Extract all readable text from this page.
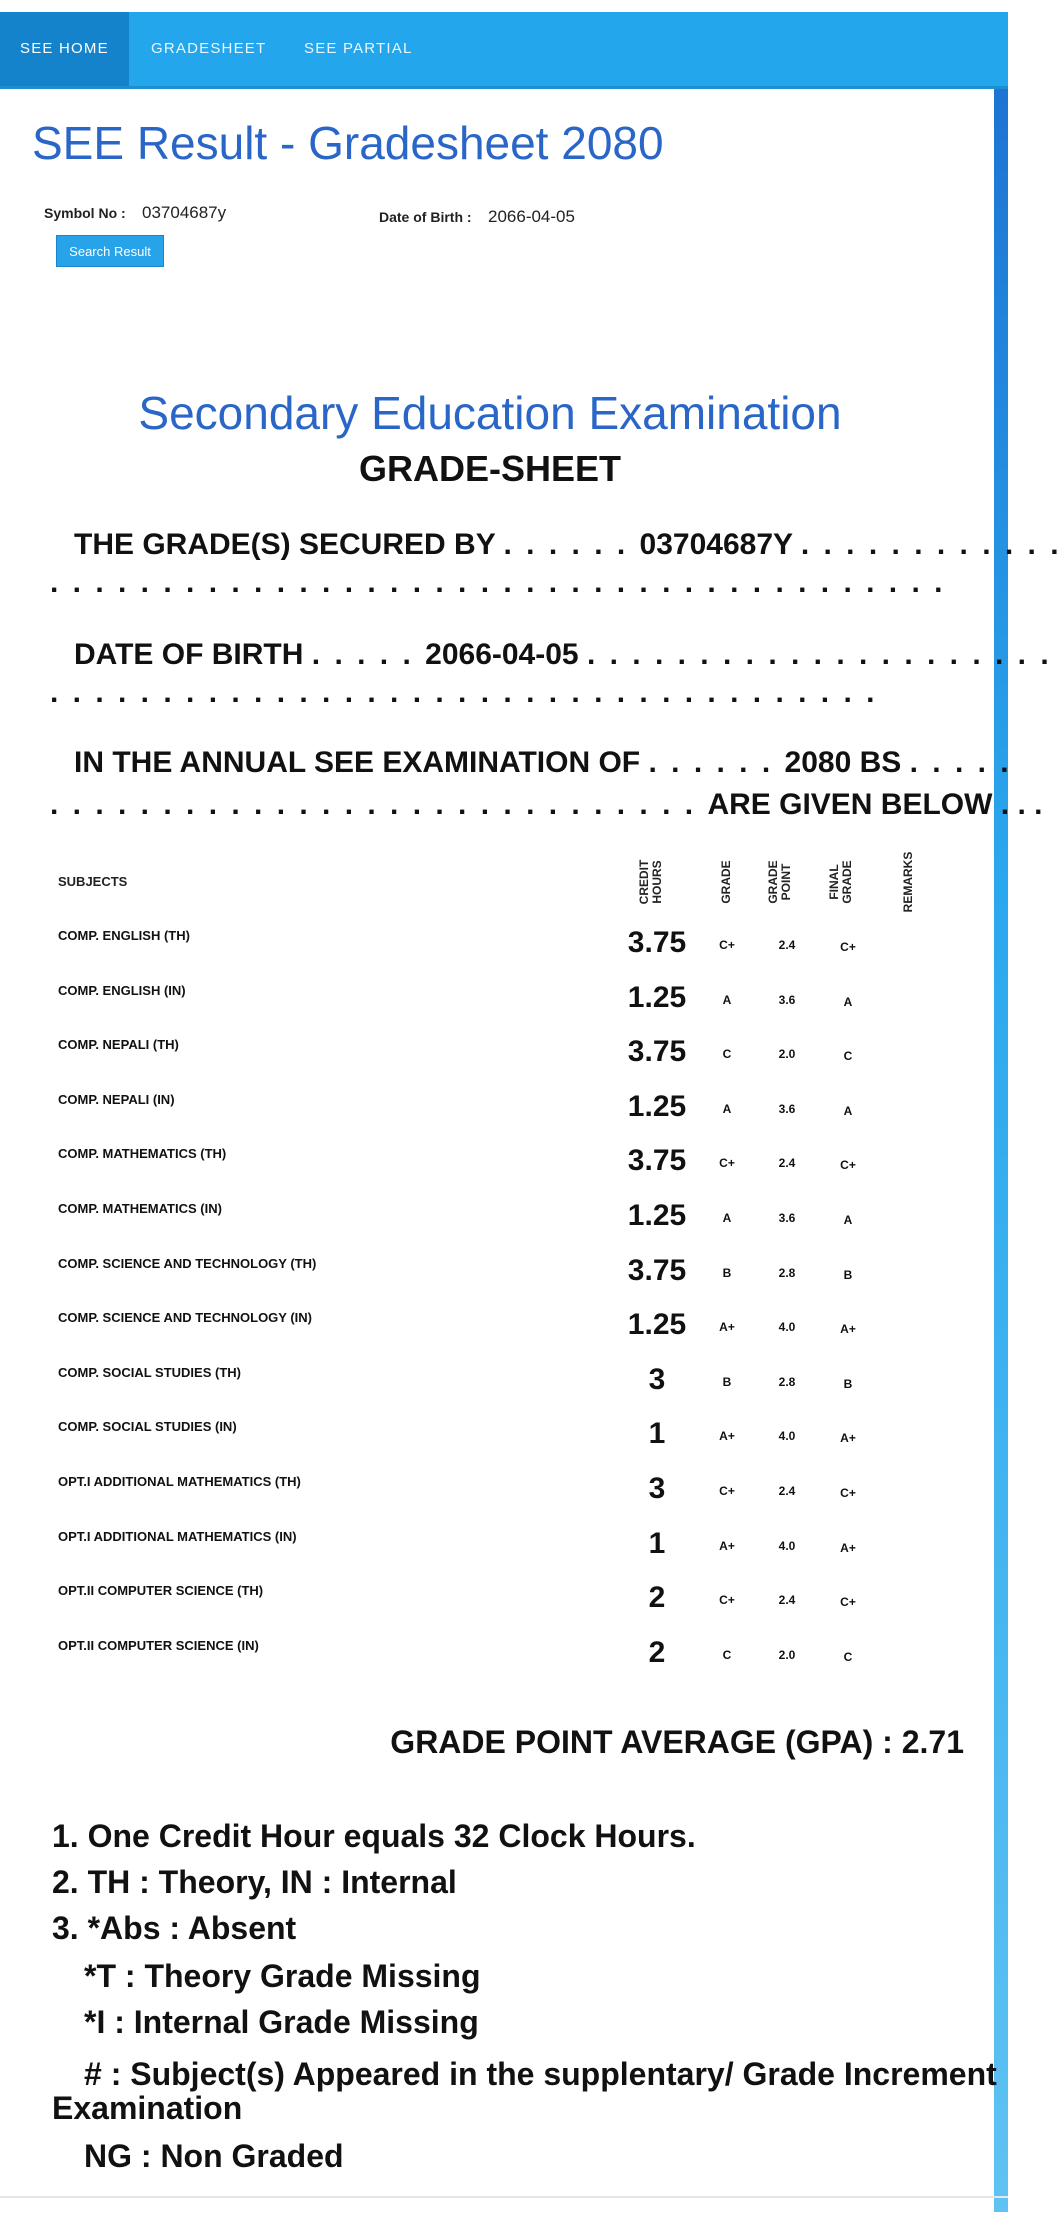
SEE HOME	GRADESHEET	SEE PARTIAL
SEE Result - Gradesheet 2080
Symbol No : 03704687y	Date of Birth : 2066-04-05
Search Result
Secondary Education Examination
GRADE-SHEET
THE GRADE(S) SECURED BY . . . . . . 03704687Y . . . . . . . . . . . .
. . . . . . . . . . . . . . . . . . . . . . . . . . . . . . . . . . . . . . . .
DATE OF BIRTH . . . . . 2066-04-05 . . . . . . . . . . . . . . . . . . . . .
. . . . . . . . . . . . . . . . . . . . . . . . . . . . . . . . . . . . .
IN THE ANNUAL SEE EXAMINATION OF . . . . . . 2080 BS . . . . .
. . . . . . . . . . . . . . . . . . . . . . . . . . . . . ARE GIVEN BELOW . . .
SUBJECTS	CREDIT HOURS	GRADE	GRADE POINT	FINAL GRADE	REMARKS
COMP. ENGLISH (TH)	3.75	C+	2.4	C+
COMP. ENGLISH (IN)	1.25	A	3.6	A
COMP. NEPALI (TH)	3.75	C	2.0	C
COMP. NEPALI (IN)	1.25	A	3.6	A
COMP. MATHEMATICS (TH)	3.75	C+	2.4	C+
COMP. MATHEMATICS (IN)	1.25	A	3.6	A
COMP. SCIENCE AND TECHNOLOGY (TH)	3.75	B	2.8	B
COMP. SCIENCE AND TECHNOLOGY (IN)	1.25	A+	4.0	A+
COMP. SOCIAL STUDIES (TH)	3	B	2.8	B
COMP. SOCIAL STUDIES (IN)	1	A+	4.0	A+
OPT.I ADDITIONAL MATHEMATICS (TH)	3	C+	2.4	C+
OPT.I ADDITIONAL MATHEMATICS (IN)	1	A+	4.0	A+
OPT.II COMPUTER SCIENCE (TH)	2	C+	2.4	C+
OPT.II COMPUTER SCIENCE (IN)	2	C	2.0	C
GRADE POINT AVERAGE (GPA) : 2.71
1. One Credit Hour equals 32 Clock Hours.
2. TH : Theory, IN : Internal
3. *Abs : Absent
*T : Theory Grade Missing
*I : Internal Grade Missing
# : Subject(s) Appeared in the supplentary/ Grade Increment
Examination
NG : Non Graded
